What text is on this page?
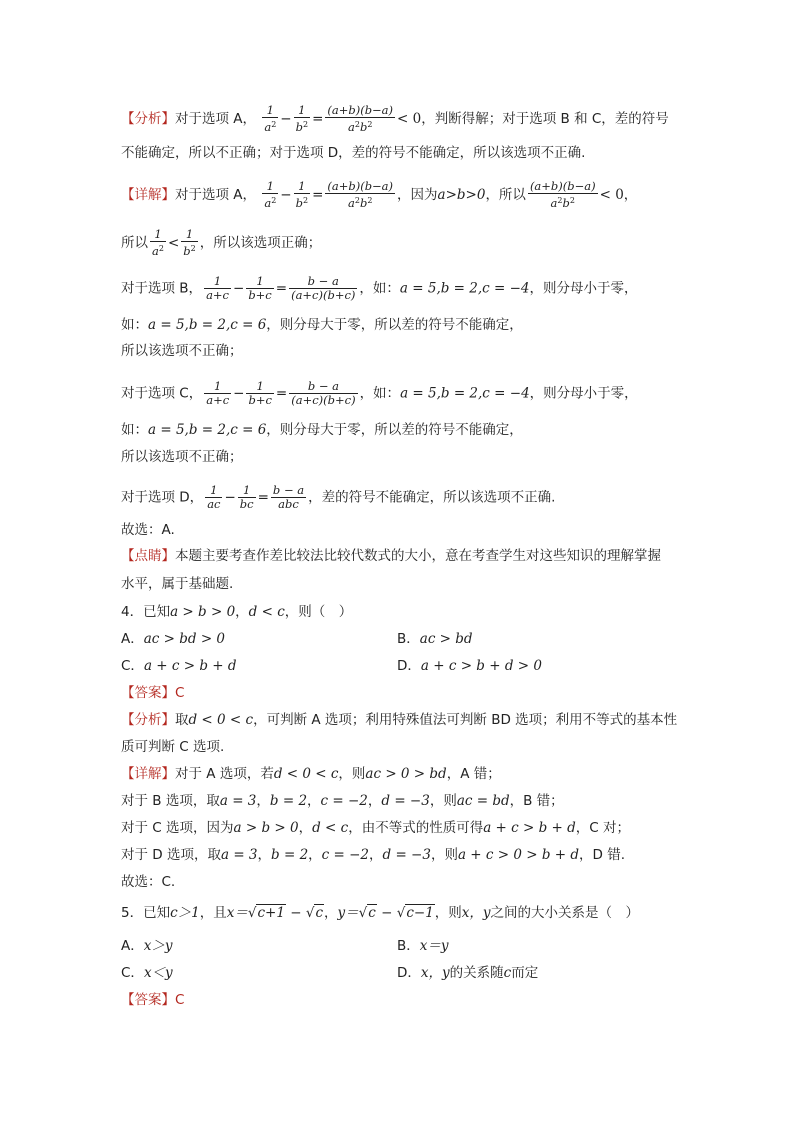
【分析】对于选项 A， $\frac{1}{a^2} - \frac{1}{b^2} = \frac{(a+b)(b-a)}{a^2b^2} < 0$，判断得解；对于选项 B 和 C，差的符号
不能确定，所以不正确；对于选项 D，差的符号不能确定，所以该选项不正确.
【详解】对于选项 A， $\frac{1}{a^2} - \frac{1}{b^2} = \frac{(a+b)(b-a)}{a^2b^2}$ ，因为a>b>0，所以 $\frac{(a+b)(b-a)}{a^2b^2} < 0$，
所以 $\frac{1}{a^2} < \frac{1}{b^2}$ ，所以该选项正确；
对于选项 B， $\frac{1}{a+c} - \frac{1}{b+c} = \frac{b - a}{(a+c)(b+c)}$ ，如：a = 5,b = 2,c = −4，则分母小于零，
如：a = 5,b = 2,c = 6，则分母大于零，所以差的符号不能确定，
所以该选项不正确；
对于选项 C， $\frac{1}{a+c} - \frac{1}{b+c} = \frac{b - a}{(a+c)(b+c)}$ ，如：a = 5,b = 2,c = −4，则分母小于零，
如：a = 5,b = 2,c = 6，则分母大于零，所以差的符号不能确定，
所以该选项不正确；
对于选项 D， $\frac{1}{ac} - \frac{1}{bc} = \frac{b - a}{\text{abc}}$ ，差的符号不能确定，所以该选项不正确.
故选：A.
【点睛】本题主要考查作差比较法比较代数式的大小，意在考查学生对这些知识的理解掌握
水平，属于基础题.
4．已知a > b > 0，d < c，则（　）
A．ac > bd > 0	B．ac > bd
C．a + c > b + d	D．a + c > b + d > 0
【答案】C
【分析】取d < 0 < c，可判断 A 选项；利用特殊值法可判断 BD 选项；利用不等式的基本性
质可判断 C 选项.
【详解】对于 A 选项，若d < 0 < c，则ac > 0 > bd，A 错；
对于 B 选项，取a = 3，b = 2，c = −2，d = −3，则ac = bd，B 错；
对于 C 选项，因为a > b > 0，d < c，由不等式的性质可得a + c > b + d，C 对；
对于 D 选项，取a = 3，b = 2，c = −2，d = −3，则a + c > 0 > b + d，D 错.
故选：C.
5．已知c＞1，且x＝√c+1 − √c，y＝√c − √c−1，则x，y之间的大小关系是（　）
A．x＞y	B．x＝y
C．x＜y	D．x，y的关系随c而定
【答案】C
